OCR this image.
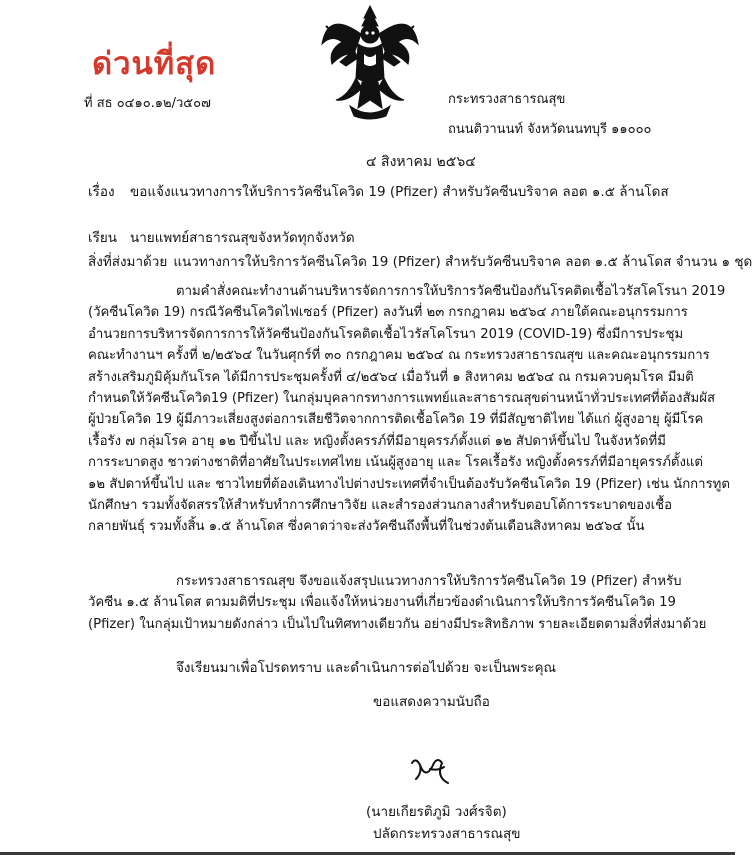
ด่วนที่สุด
ที่ สธ ๐๔๑๐.๑๒/ว๕๐๗	กระทรวงสาธารณสุข
ถนนติวานนท์ จังหวัดนนทบุรี ๑๑๐๐๐
๔ สิงหาคม ๒๕๖๔
เรื่อง ขอแจ้งแนวทางการให้บริการวัคซีนโควิด 19 (Pfizer) สำหรับวัคซีนบริจาค ลอต ๑.๕ ล้านโดส
เรียน นายแพทย์สาธารณสุขจังหวัดทุกจังหวัด
สิ่งที่ส่งมาด้วย แนวทางการให้บริการวัคซีนโควิด 19 (Pfizer) สำหรับวัคซีนบริจาค ลอต ๑.๕ ล้านโดส จำนวน ๑ ชุด
ตามคำสั่งคณะทำงานด้านบริหารจัดการการให้บริการวัคซีนป้องกันโรคติดเชื้อไวรัสโคโรนา 2019
(วัคซีนโควิด 19) กรณีวัคซีนโควิดไฟเซอร์ (Pfizer) ลงวันที่ ๒๓ กรกฎาคม ๒๕๖๔ ภายใต้คณะอนุกรรมการ
อำนวยการบริหารจัดการการให้วัคซีนป้องกันโรคติดเชื้อไวรัสโคโรนา 2019 (COVID-19) ซึ่งมีการประชุม
คณะทำงานฯ ครั้งที่ ๒/๒๕๖๔ ในวันศุกร์ที่ ๓๐ กรกฎาคม ๒๕๖๔ ณ กระทรวงสาธารณสุข และคณะอนุกรรมการ
สร้างเสริมภูมิคุ้มกันโรค ได้มีการประชุมครั้งที่ ๔/๒๕๖๔ เมื่อวันที่ ๑ สิงหาคม ๒๕๖๔ ณ กรมควบคุมโรค มีมติ
กำหนดให้วัคซีนโควิด19 (Pfizer) ในกลุ่มบุคลากรทางการแพทย์และสาธารณสุขด่านหน้าทั่วประเทศที่ต้องสัมผัส
ผู้ป่วยโควิด 19 ผู้มีภาวะเสี่ยงสูงต่อการเสียชีวิตจากการติดเชื้อโควิด 19 ที่มีสัญชาติไทย ได้แก่ ผู้สูงอายุ ผู้มีโรค
เรื้อรัง ๗ กลุ่มโรค อายุ ๑๒ ปีขึ้นไป และ หญิงตั้งครรภ์ที่มีอายุครรภ์ตั้งแต่ ๑๒ สัปดาห์ขึ้นไป ในจังหวัดที่มี
การระบาดสูง ชาวต่างชาติที่อาศัยในประเทศไทย เน้นผู้สูงอายุ และ โรคเรื้อรัง หญิงตั้งครรภ์ที่มีอายุครรภ์ตั้งแต่
๑๒ สัปดาห์ขึ้นไป และ ชาวไทยที่ต้องเดินทางไปต่างประเทศที่จำเป็นต้องรับวัคซีนโควิด 19 (Pfizer) เช่น นักการทูต
นักศึกษา รวมทั้งจัดสรรให้สำหรับทำการศึกษาวิจัย และสำรองส่วนกลางสำหรับตอบโต้การระบาดของเชื้อ
กลายพันธุ์ รวมทั้งสิ้น ๑.๕ ล้านโดส ซึ่งคาดว่าจะส่งวัคซีนถึงพื้นที่ในช่วงต้นเดือนสิงหาคม ๒๕๖๔ นั้น
กระทรวงสาธารณสุข จึงขอแจ้งสรุปแนวทางการให้บริการวัคซีนโควิด 19 (Pfizer) สำหรับ
วัคซีน ๑.๕ ล้านโดส ตามมติที่ประชุม เพื่อแจ้งให้หน่วยงานที่เกี่ยวข้องดำเนินการให้บริการวัคซีนโควิด 19
(Pfizer) ในกลุ่มเป้าหมายดังกล่าว เป็นไปในทิศทางเดียวกัน อย่างมีประสิทธิภาพ รายละเอียดตามสิ่งที่ส่งมาด้วย
จึงเรียนมาเพื่อโปรดทราบ และดำเนินการต่อไปด้วย จะเป็นพระคุณ
ขอแสดงความนับถือ
(นายเกียรติภูมิ วงศ์รจิต)
ปลัดกระทรวงสาธารณสุข
